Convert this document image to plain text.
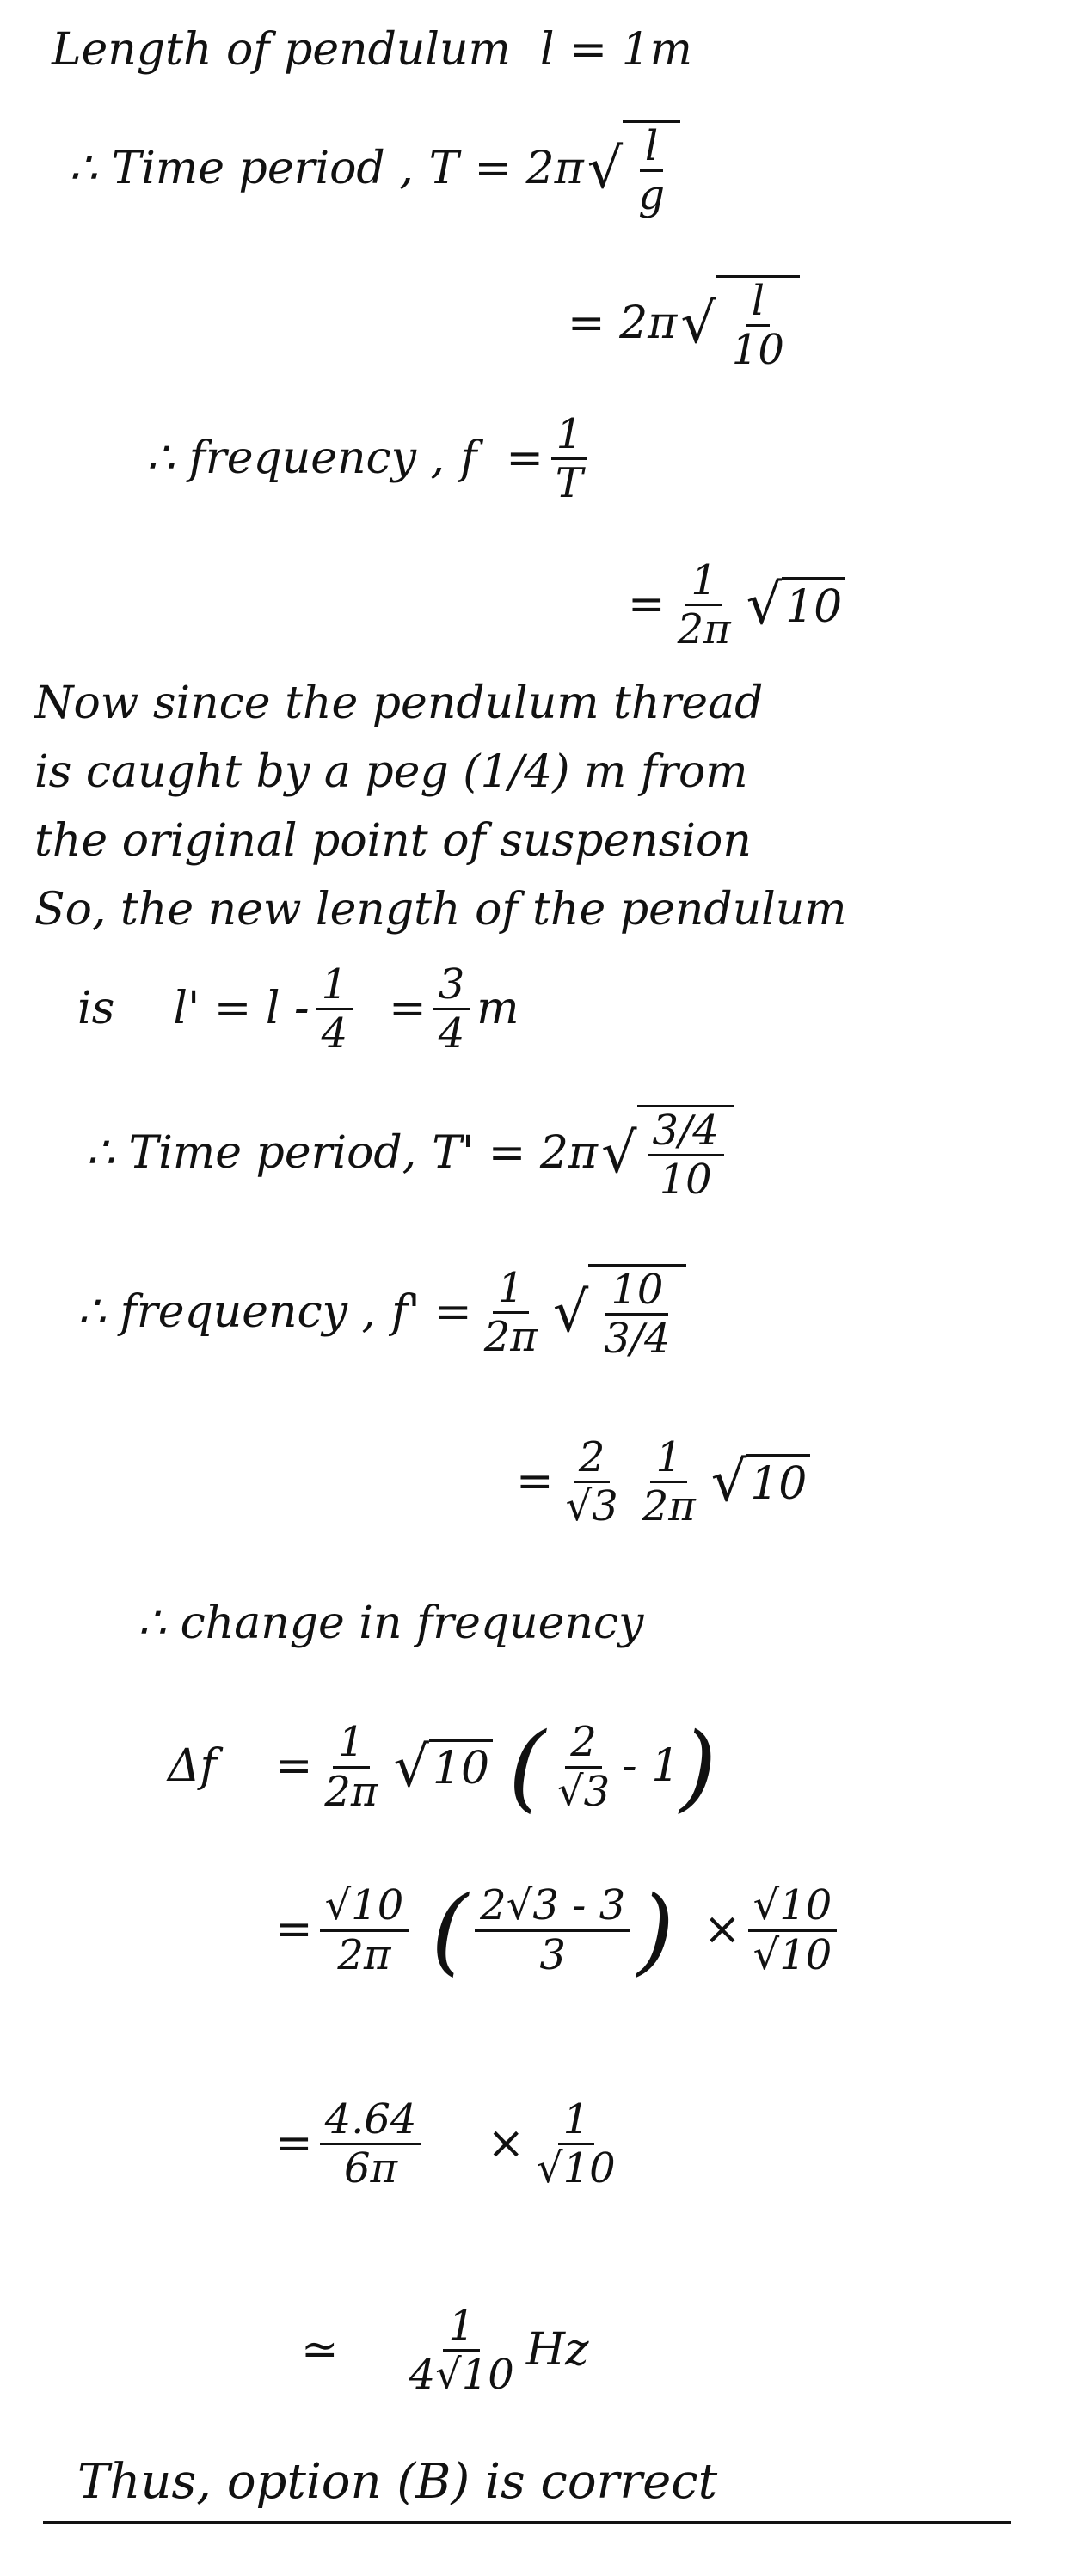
Length of pendulum l = 1m
∴ Time period , T = 2π √ $\frac{l}{g}$
= 2π √ $\frac{l}{10}$
∴ frequency , $f = \frac{1}{T}$
= $\frac{1}{2\pi}$ √ 10
Now since the pendulum thread
is caught by a peg (1/4) m from
the original point of suspension
So, the new length of the pendulum
is $l' = l - \frac{1}{4} = \frac{3}{4}$ m
∴ Time period, T' = 2π √ $\frac{3/4}{10}$
∴ frequency , $f' = \frac{1}{2\pi}$ √ $\frac{10}{3/4}$
= $\frac{2}{√3} \frac{1}{2\pi}$ √ 10
∴ change in frequency
$\Delta f = \frac{1}{2\pi}$ √ 10 ( $\frac{2}{√3} - 1$ )
= $\frac{√10}{2\pi}$ ( $\frac{2√3 - 3}{3}$ ) × $\frac{√10}{√10}$
= $\frac{4.64}{6\pi} \times \frac{1}{√10}$
≃ $\frac{1}{4√10}$ Hz
Thus, option (B) is correct
